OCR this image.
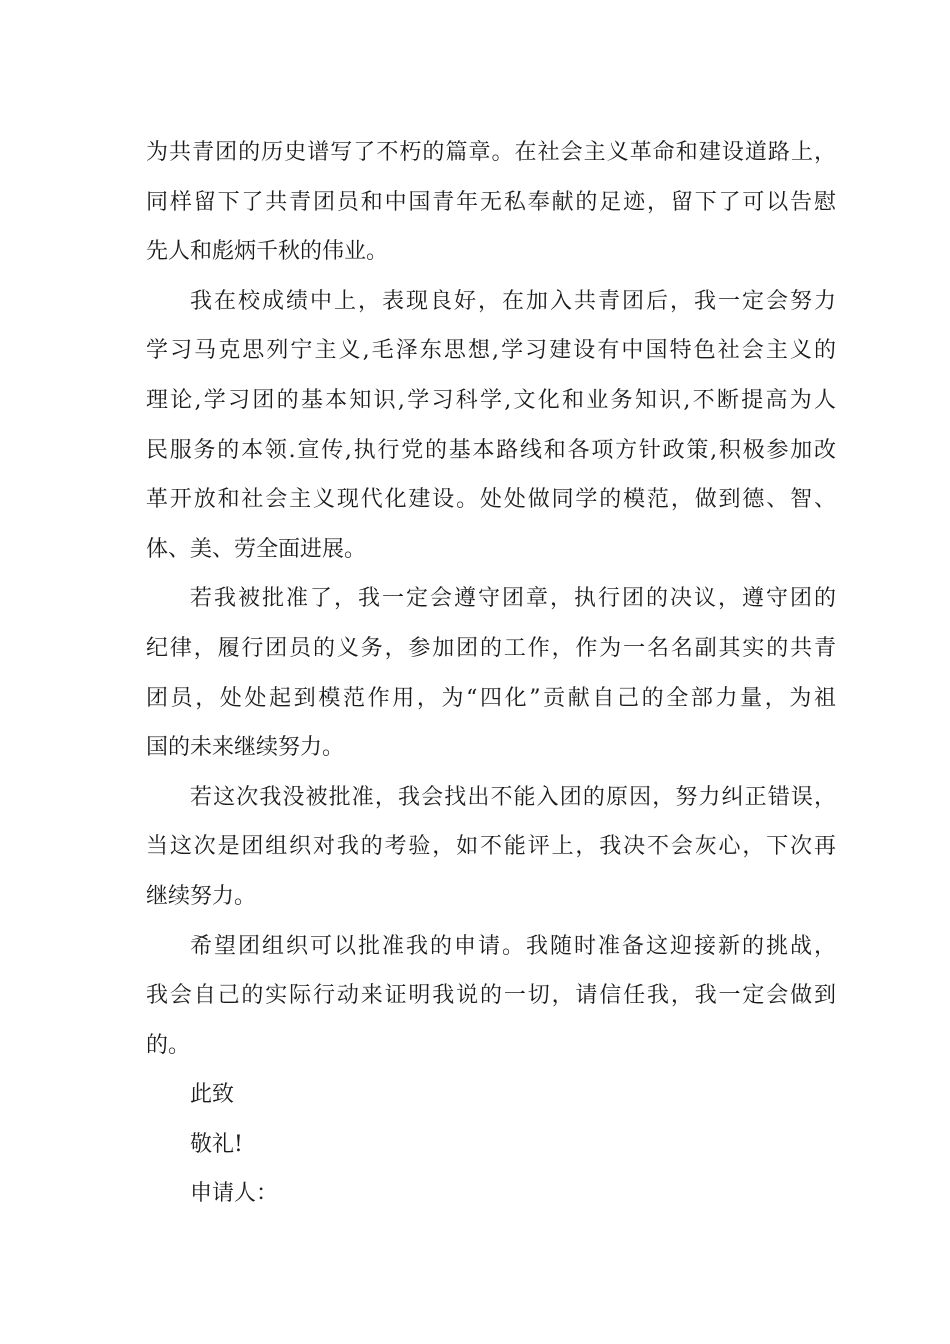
为共青团的历史谱写了不朽的篇章。在社会主义革命和建设道路上，
同样留下了共青团员和中国青年无私奉献的足迹，留下了可以告慰
先人和彪炳千秋的伟业。
我在校成绩中上，表现良好，在加入共青团后，我一定会努力
学习马克思列宁主义,毛泽东思想,学习建设有中国特色社会主义的
理论,学习团的基本知识,学习科学,文化和业务知识,不断提高为人
民服务的本领.宣传,执行党的基本路线和各项方针政策,积极参加改
革开放和社会主义现代化建设。处处做同学的模范，做到德、智、
体、美、劳全面进展。
若我被批准了，我一定会遵守团章，执行团的决议，遵守团的
纪律，履行团员的义务，参加团的工作，作为一名名副其实的共青
团员，处处起到模范作用，为“四化”贡献自己的全部力量，为祖
国的未来继续努力。
若这次我没被批准，我会找出不能入团的原因，努力纠正错误，
当这次是团组织对我的考验，如不能评上，我决不会灰心，下次再
继续努力。
希望团组织可以批准我的申请。我随时准备这迎接新的挑战，
我会自己的实际行动来证明我说的一切，请信任我，我一定会做到
的。
此致
敬礼!
申请人：
